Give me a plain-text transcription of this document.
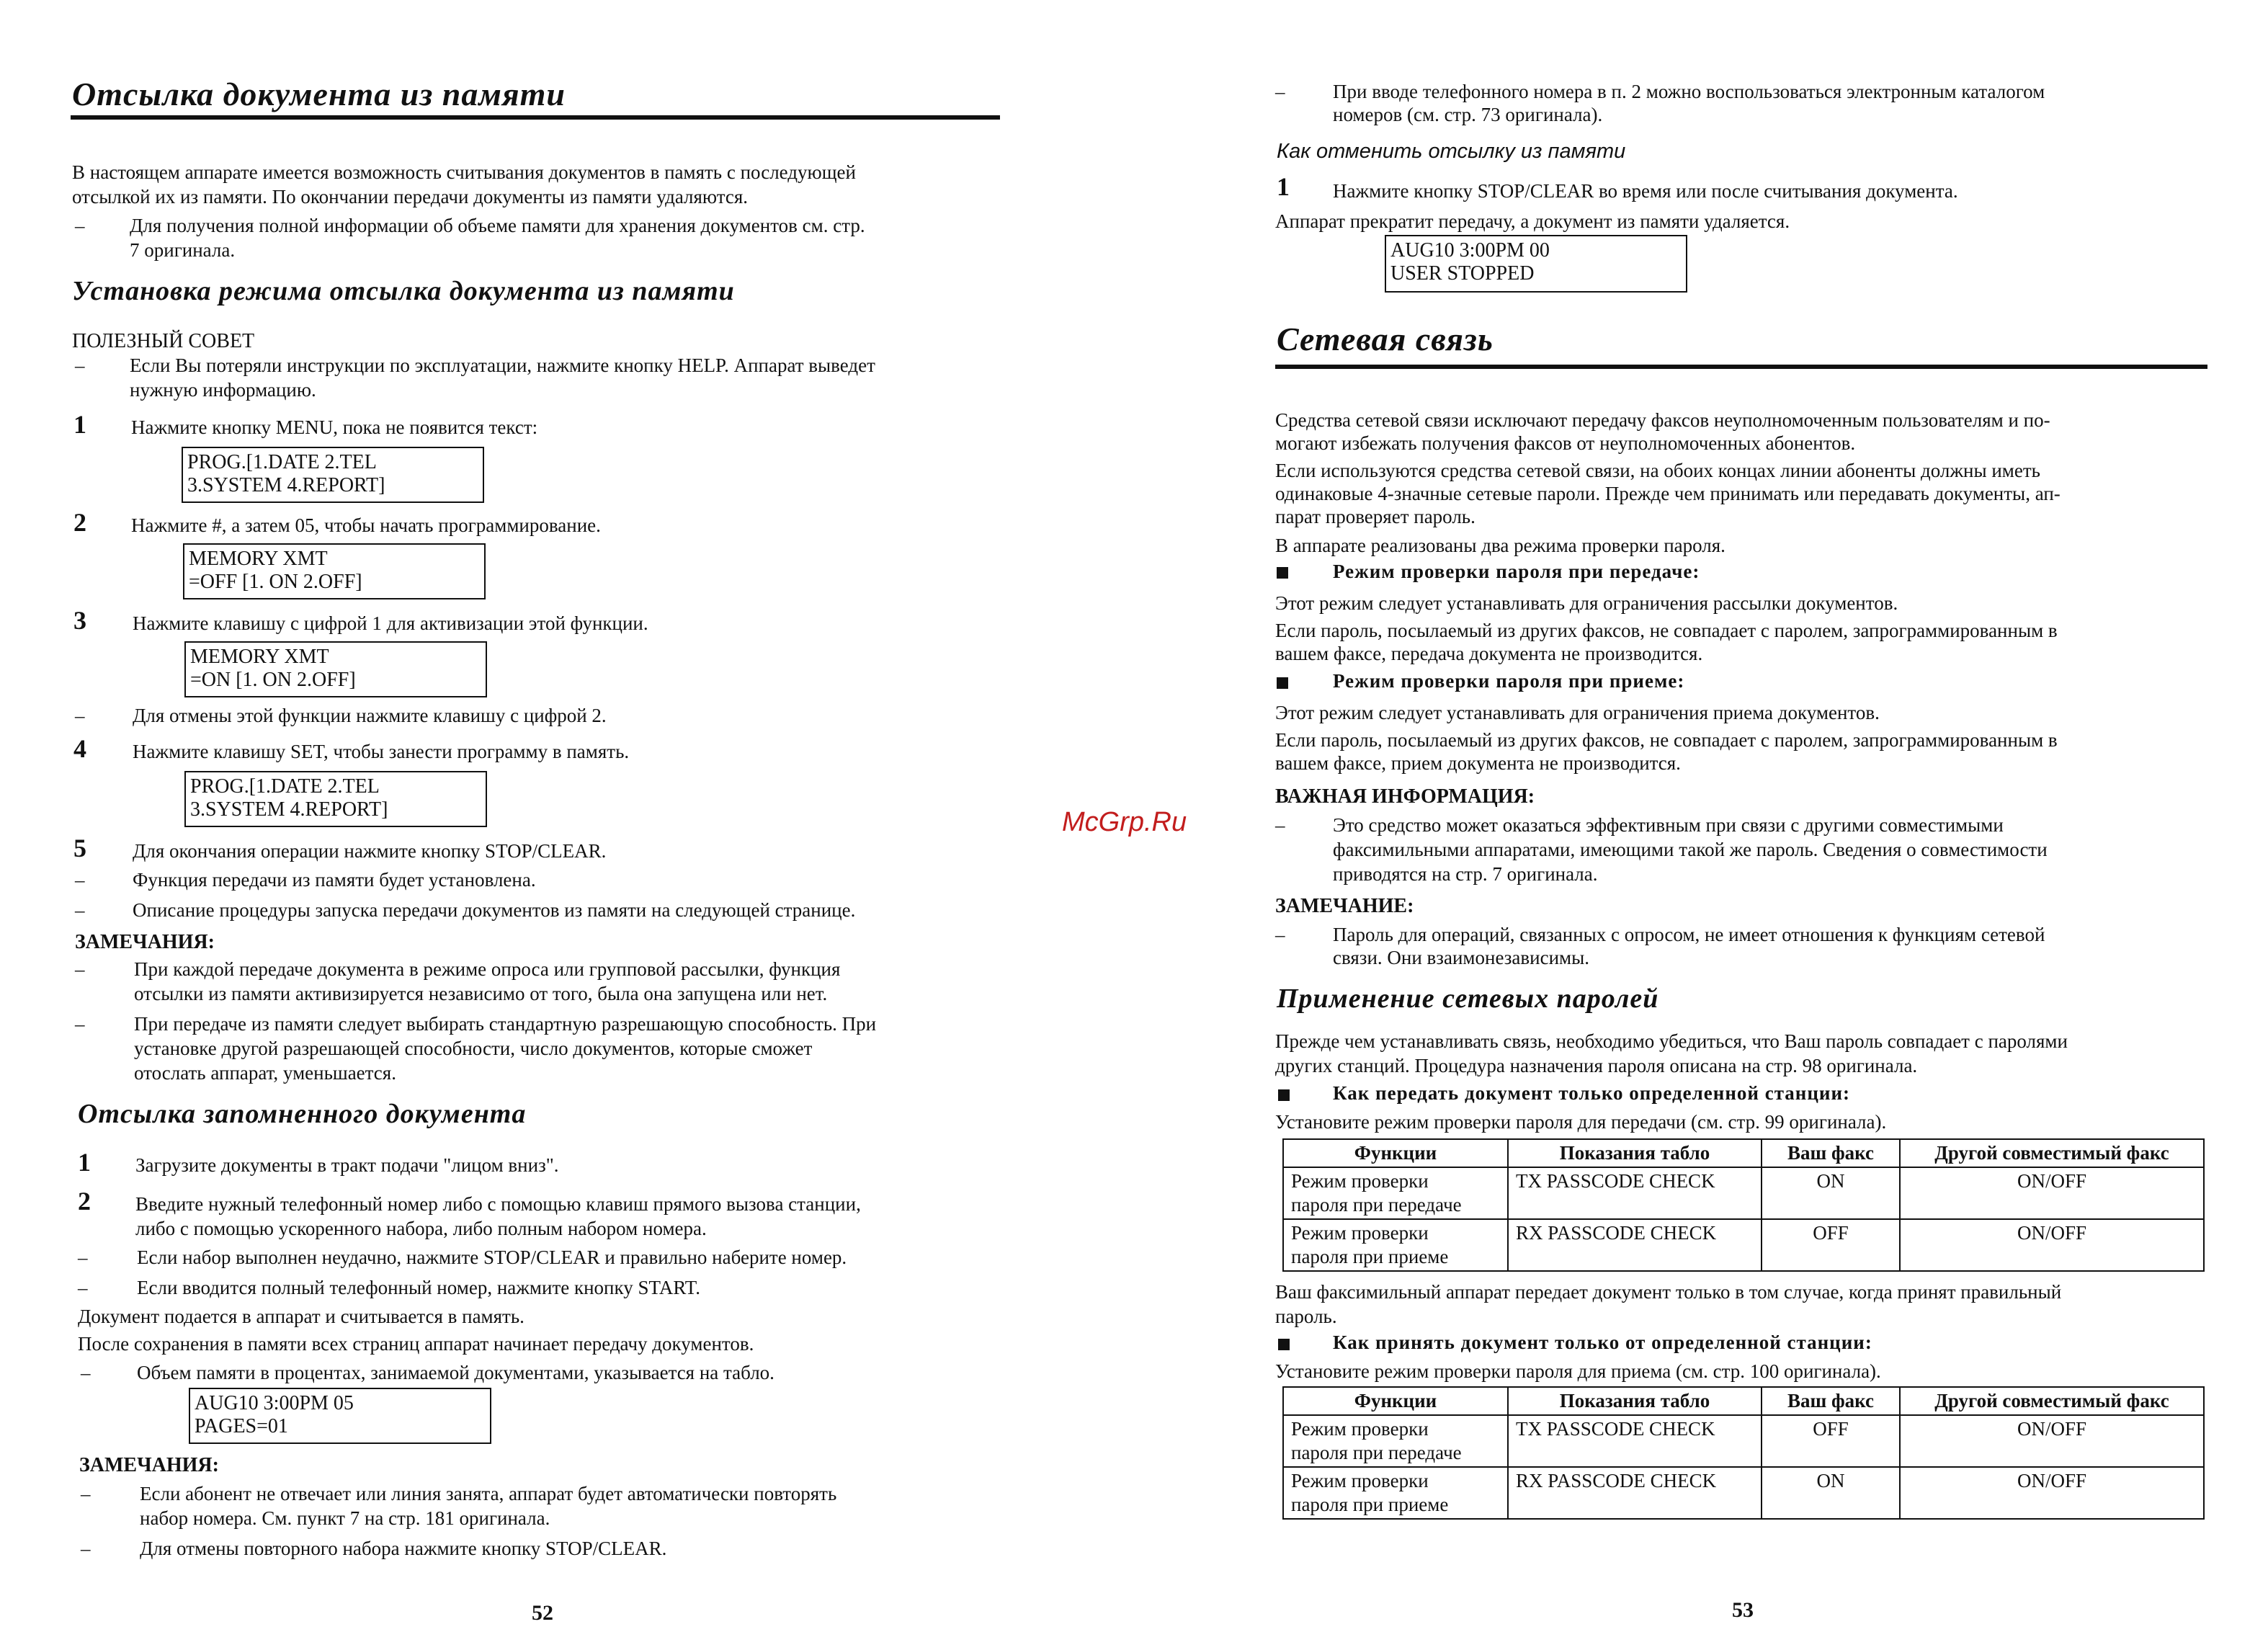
Отсылка документа из памяти
В настоящем аппарате имеется возможность считывания документов в память с последующей
отсылкой их из памяти. По окончании передачи документы из памяти удаляются.
– Для получения полной информации об объеме памяти для хранения документов см. стр.
7 оригинала.
Установка режима отсылка документа из памяти
ПОЛЕЗНЫЙ СОВЕТ
– Если Вы потеряли инструкции по эксплуатации, нажмите кнопку HELP. Аппарат выведет
нужную информацию.
1 Нажмите кнопку MENU, пока не появится текст:
PROG.[1.DATE 2.TEL
3.SYSTEM 4.REPORT]
2 Нажмите #, а затем 05, чтобы начать программирование.
MEMORY XMT
=OFF [1. ON 2.OFF]
3 Нажмите клавишу с цифрой 1 для активизации этой функции.
MEMORY XMT
=ON [1. ON 2.OFF]
– Для отмены этой функции нажмите клавишу с цифрой 2.
4 Нажмите клавишу SET, чтобы занести программу в память.
PROG.[1.DATE 2.TEL
3.SYSTEM 4.REPORT]
5 Для окончания операции нажмите кнопку STOP/CLEAR.
– Функция передачи из памяти будет установлена.
– Описание процедуры запуска передачи документов из памяти на следующей странице.
ЗАМЕЧАНИЯ:
–	При каждой передаче документа в режиме опроса или групповой рассылки, функция
отсылки из памяти активизируется независимо от того, была она запущена или нет.
–	При передаче из памяти следует выбирать стандартную разрешающую способность. При
установке другой разрешающей способности, число документов, которые сможет
отослать аппарат, уменьшается.
Отсылка запомненного документа
1 Загрузите документы в тракт подачи "лицом вниз".
2 Введите нужный телефонный номер либо с помощью клавиш прямого вызова станции,
либо с помощью ускоренного набора, либо полным набором номера.
–	Если набор выполнен неудачно, нажмите STOP/CLEAR и правильно наберите номер.
–	Если вводится полный телефонный номер, нажмите кнопку START.
Документ подается в аппарат и считывается в память.
После сохранения в памяти всех страниц аппарат начинает передачу документов.
– Объем памяти в процентах, занимаемой документами, указывается на табло.
AUG10 3:00PM 05
PAGES=01
ЗАМЕЧАНИЯ:
–	Если абонент не отвечает или линия занята, аппарат будет автоматически повторять
набор номера. См. пункт 7 на стр. 181 оригинала.
–	Для отмены повторного набора нажмите кнопку STOP/CLEAR.
52
McGrp.Ru
– При вводе телефонного номера в п. 2 можно воспользоваться электронным каталогом
номеров (см. стр. 73 оригинала).
Как отменить отсылку из памяти
1 Нажмите кнопку STOP/CLEAR во время или после считывания документа.
Аппарат прекратит передачу, а документ из памяти удаляется.
AUG10 3:00PM 00
USER STOPPED
Сетевая связь
Средства сетевой связи исключают передачу факсов неуполномоченным пользователям и по-
могают избежать получения факсов от неуполномоченных абонентов.
Если используются средства сетевой связи, на обоих концах линии абоненты должны иметь
одинаковые 4-значные сетевые пароли. Прежде чем принимать или передавать документы, ап-
парат проверяет пароль.
В аппарате реализованы два режима проверки пароля.
Режим проверки пароля при передаче:
Этот режим следует устанавливать для ограничения рассылки документов.
Если пароль, посылаемый из других факсов, не совпадает с паролем, запрограммированным в
вашем факсе, передача документа не производится.
Режим проверки пароля при приеме:
Этот режим следует устанавливать для ограничения приема документов.
Если пароль, посылаемый из других факсов, не совпадает с паролем, запрограммированным в
вашем факсе, прием документа не производится.
ВАЖНАЯ ИНФОРМАЦИЯ:
– Это средство может оказаться эффективным при связи с другими совместимыми
факсимильными аппаратами, имеющими такой же пароль. Сведения о совместимости
приводятся на стр. 7 оригинала.
ЗАМЕЧАНИЕ:
– Пароль для операций, связанных с опросом, не имеет отношения к функциям сетевой
связи. Они взаимонезависимы.
Применение сетевых паролей
Прежде чем устанавливать связь, необходимо убедиться, что Ваш пароль совпадает с паролями
других станций. Процедура назначения пароля описана на стр. 98 оригинала.
Как передать документ только определенной станции:
Установите режим проверки пароля для передачи (см. стр. 99 оригинала).
Функции	Показания табло	Ваш факс	Другой совместимый факс

Режим проверки
пароля при передаче	TX PASSCODE CHECK	ON	ON/OFF

Режим проверки
пароля при приеме	RX PASSCODE CHECK	OFF	ON/OFF
Ваш факсимильный аппарат передает документ только в том случае, когда принят правильный
пароль.
Как принять документ только от определенной станции:
Установите режим проверки пароля для приема (см. стр. 100 оригинала).
Функции	Показания табло	Ваш факс	Другой совместимый факс

Режим проверки
пароля при передаче	TX PASSCODE CHECK	OFF	ON/OFF

Режим проверки
пароля при приеме	RX PASSCODE CHECK	ON	ON/OFF
53
